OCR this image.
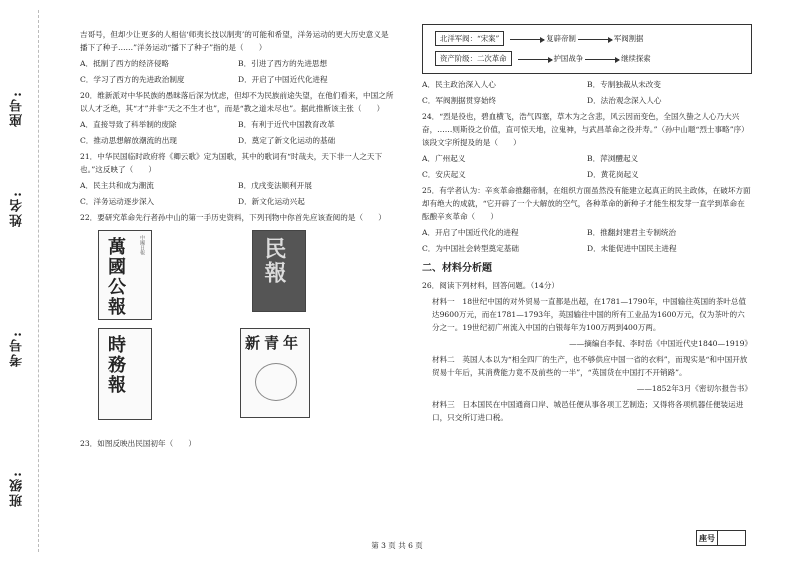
座号:
姓名:
考号:
班级:

吉哥号，但却少让更多的人相信‘师夷长技以制夷’的可能和希望，洋务运动的更大历史意义是播下了种子……”洋务运动“播下了种子”指的是（　　）

A．抵制了西方的经济侵略	B．引进了西方的先进思想
C．学习了西方的先进政治制度	D．开启了中国近代化进程

20．维新派对中华民族的愚昧落后深为忧虑，但却不为民族前途失望，在他们看来，中国之所以人才乏绝，其“才”并非“天之不生才也”，而是“教之道未尽也”。据此推断该主张（　　）

A．直接导致了科举制的废除	B．有利于近代中国教育改革
C．推动思想解放潮流的出现	D．奠定了新文化运动的基础

21．中华民国临时政府将《卿云歌》定为国歌，其中的歌词有“时哉夫，天下非一人之天下也。”这反映了（　　）

A．民主共和成为潮流	B．戊戌变法顺利开展
C．洋务运动逐步深入	D．新文化运动兴起

22．要研究革命先行者孙中山的第一手历史资料，下列刊物中你首先应该查阅的是（　　）

萬國公報	中國日報	民報
時務報	新青年

23．如图反映出民国初年（　　）

北洋军阀：“宋案”	复辟帝制	军阀割据
资产阶级：二次革命	护国战争	继续探索
A．民主政治深入人心	B．专制独裁从未改变
C．军阀割据贯穿始终	D．法治观念深入人心

24．“烈是役也，碧血横飞，浩气四塞，草木为之含悲，风云因而变色，全国久蛰之人心乃大兴奋，……则斯役之价值，直可惊天地，泣鬼神，与武昌革命之役并寿。”（孙中山题“烈士事略”序）该段文字所提及的是（　　）

A．广州起义	B．萍浏醴起义
C．安庆起义	D．黄花岗起义

25．有学者认为：辛亥革命推翻帝制，在组织方面虽然没有能建立起真正的民主政体，在破坏方面却有绝大的成就，“它开辟了一个大解放的空气，各种革命的新种子才能生根发芽一直学到革命在酝酿辛亥革命（　　）

A．开启了中国近代化的进程	B．推翻封建君主专制统治
C．为中国社会转型奠定基础	D．未能促进中国民主进程
二、材料分析题

26．阅读下列材料，回答问题。（14分）

材料一　18世纪中国的对外贸易一直都是出超，在1781—1790年，中国输往英国的茶叶总值达9600万元，而在1781—1793年，英国输往中国的所有工业品为1600万元，仅为茶叶的六分之一。19世纪初广州流入中国的白银每年为100万两到400万两。

——摘编自李侃、李时岳《中国近代史1840—1919》

材料二　英国人本以为“相全四厂的生产，也不够供应中国一省的衣料”，而现实是“和中国开放贸易十年后，其消费能力竟不及前些的一半”，“英国货在中国打不开销路”。

——1852年3月《密切尔报告书》

材料三　日本国民在中国通商口岸、城邑任便从事各项工艺制造；又得将各项机器任便装运进口，只交所订进口税。

第 3 页 共 6 页
座号
